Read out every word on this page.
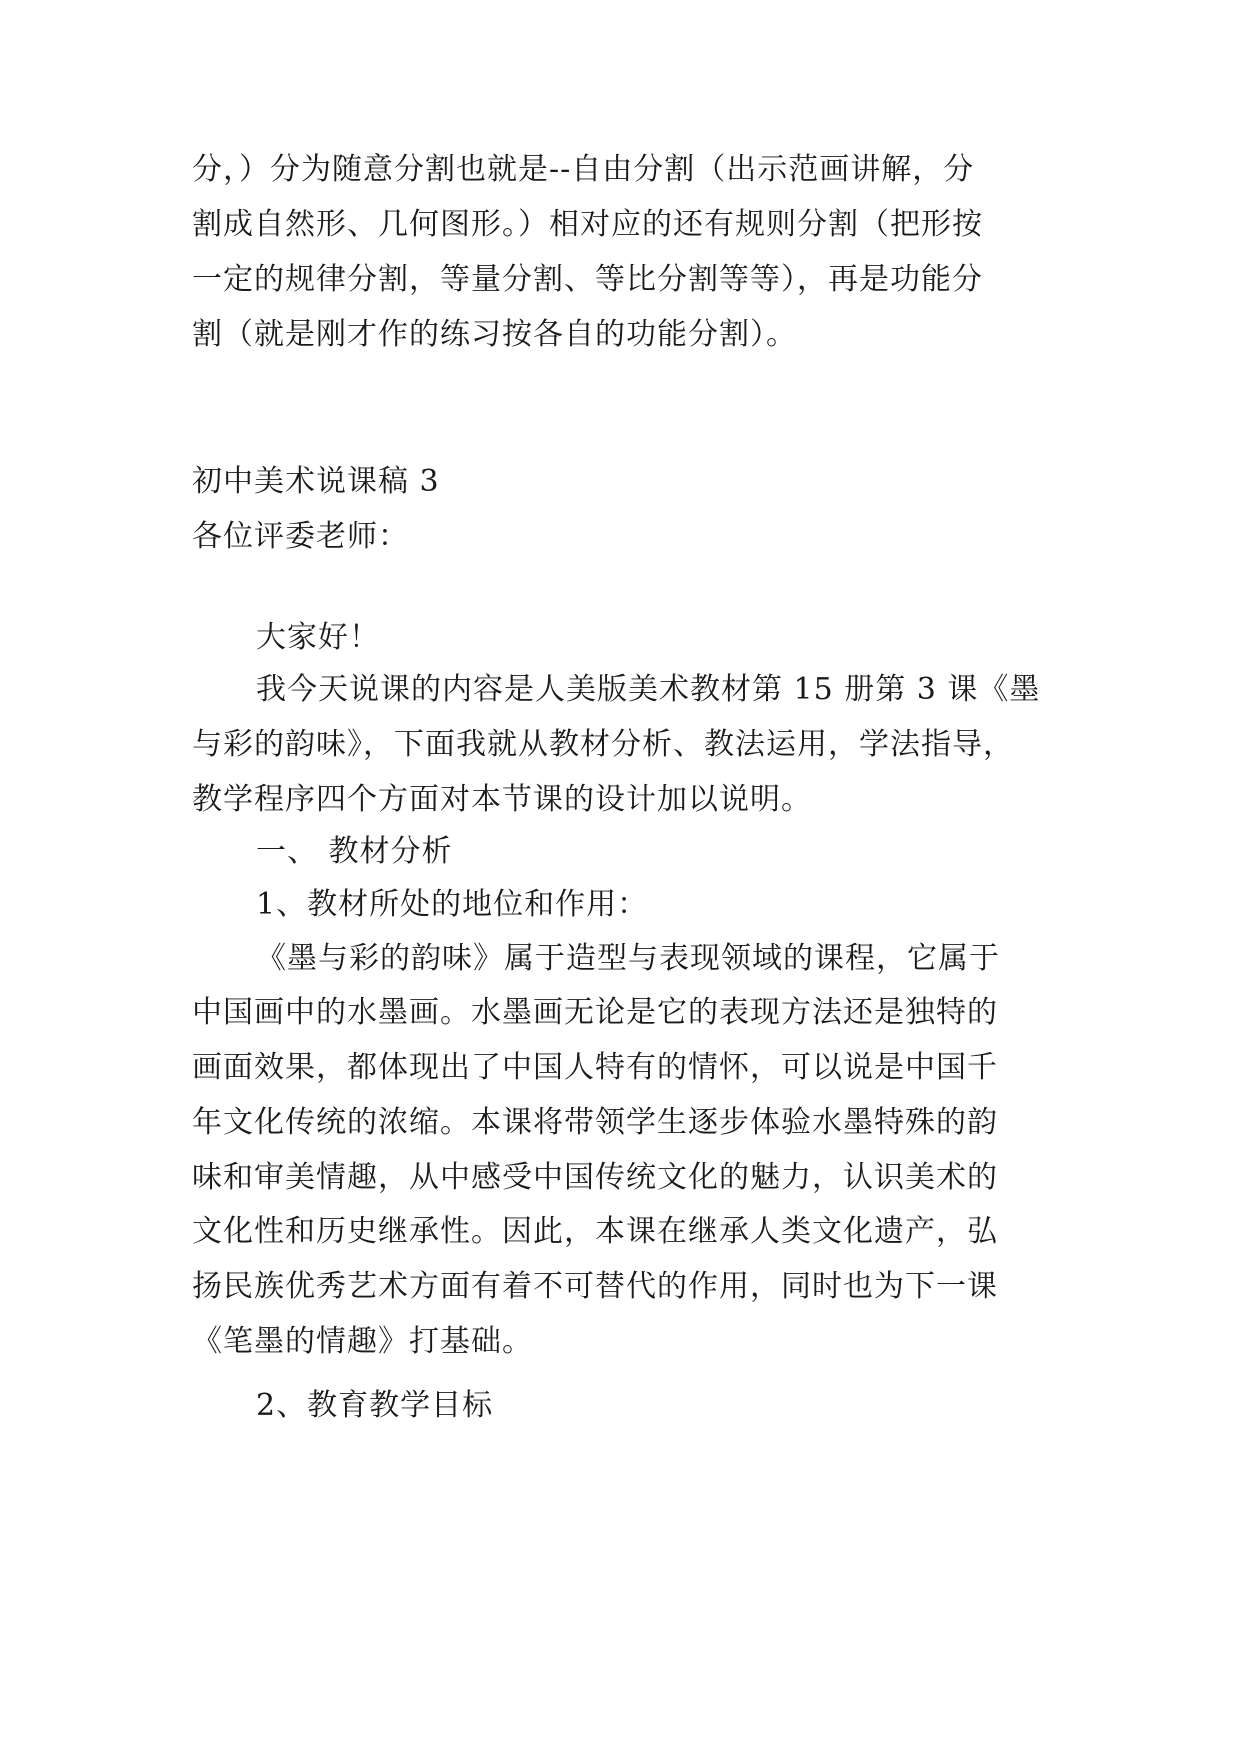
分，）分为随意分割也就是--自由分割（出示范画讲解，分
割成自然形、几何图形。）相对应的还有规则分割（把形按
一定的规律分割，等量分割、等比分割等等），再是功能分
割（就是刚才作的练习按各自的功能分割）。
初中美术说课稿 3
各位评委老师：
大家好！
我今天说课的内容是人美版美术教材第 15 册第 3 课《墨
与彩的韵味》，下面我就从教材分析、教法运用，学法指导，
教学程序四个方面对本节课的设计加以说明。
一、 教材分析
1、教材所处的地位和作用：
《墨与彩的韵味》属于造型与表现领域的课程，它属于
中国画中的水墨画。水墨画无论是它的表现方法还是独特的
画面效果，都体现出了中国人特有的情怀，可以说是中国千
年文化传统的浓缩。本课将带领学生逐步体验水墨特殊的韵
味和审美情趣，从中感受中国传统文化的魅力，认识美术的
文化性和历史继承性。因此，本课在继承人类文化遗产，弘
扬民族优秀艺术方面有着不可替代的作用，同时也为下一课
《笔墨的情趣》打基础。
2、教育教学目标
